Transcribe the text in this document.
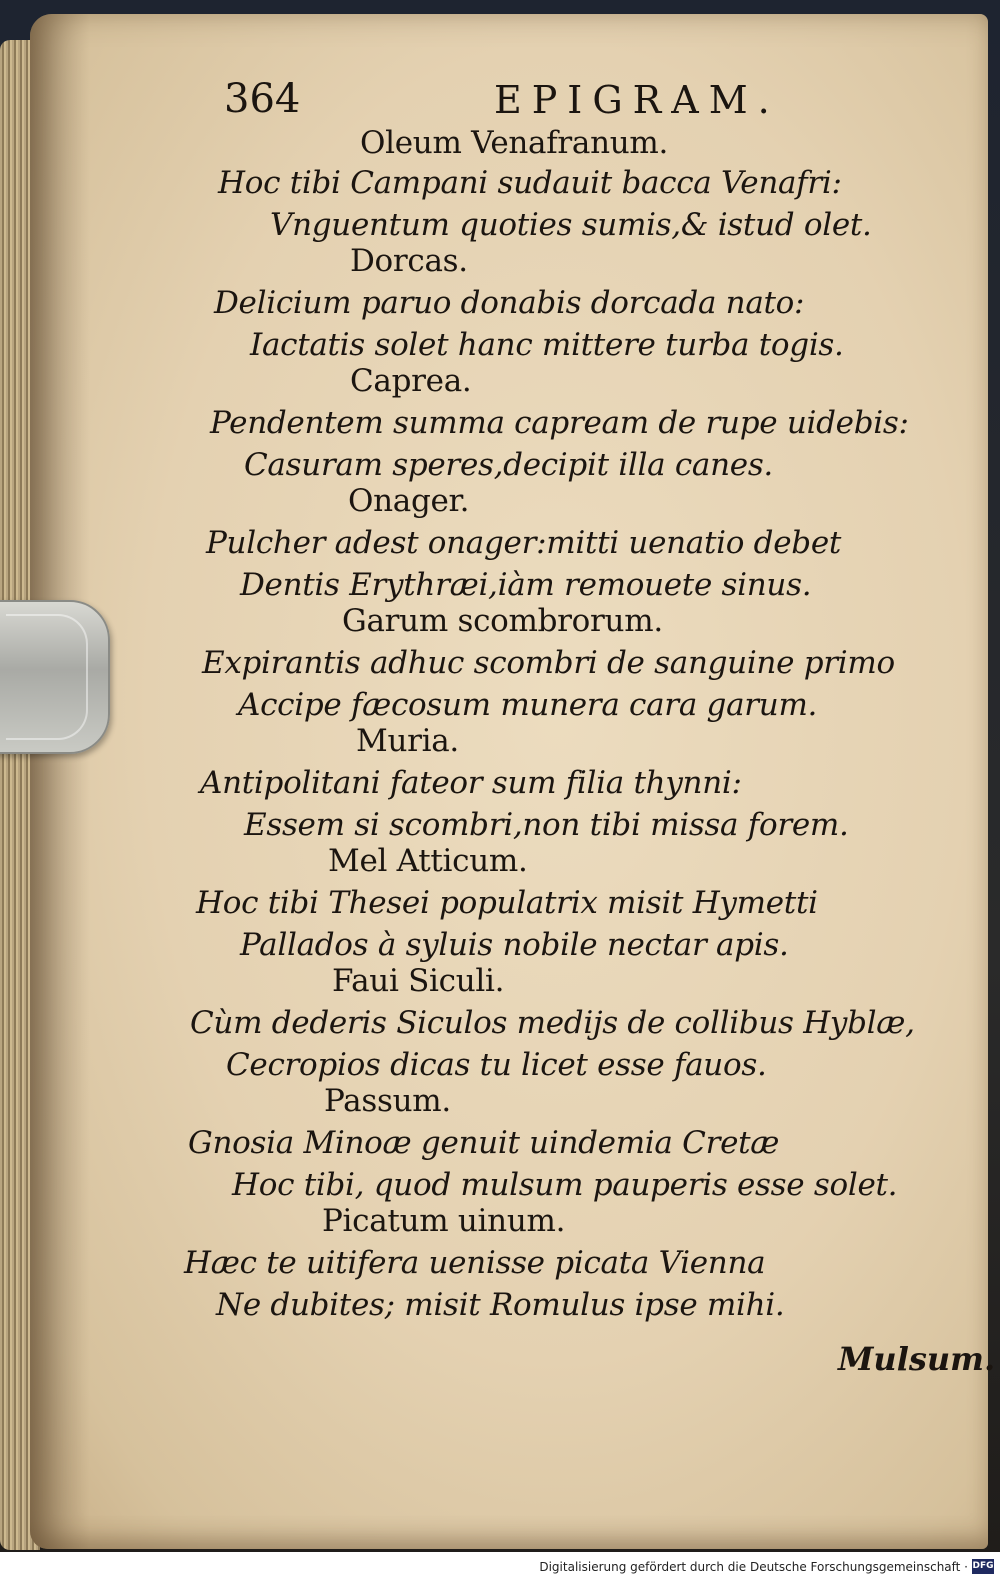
364	EPIGRAM.
Oleum Venafranum.
Hoc tibi Campani sudauit bacca Venafri:
Vnguentum quoties sumis,& istud olet.
Dorcas.
Delicium paruo donabis dorcada nato:
Iactatis solet hanc mittere turba togis.
Caprea.
Pendentem summa capream de rupe uidebis:
Casuram speres,decipit illa canes.
Onager.
Pulcher adest onager:mitti uenatio debet
Dentis Erythræi,iàm remouete sinus.
Garum scombrorum.
Expirantis adhuc scombri de sanguine primo
Accipe fæcosum munera cara garum.
Muria.
Antipolitani fateor sum filia thynni:
Essem si scombri,non tibi missa forem.
Mel Atticum.
Hoc tibi Thesei populatrix misit Hymetti
Pallados à syluis nobile nectar apis.
Faui Siculi.
Cùm dederis Siculos medijs de collibus Hyblæ,
Cecropios dicas tu licet esse fauos.
Passum.
Gnosia Minoæ genuit uindemia Cretæ
Hoc tibi, quod mulsum pauperis esse solet.
Picatum uinum.
Hæc te uitifera uenisse picata Vienna
Ne dubites; misit Romulus ipse mihi.
Mulsum.
Digitalisierung gefördert durch die Deutsche Forschungsgemeinschaft · DFG
